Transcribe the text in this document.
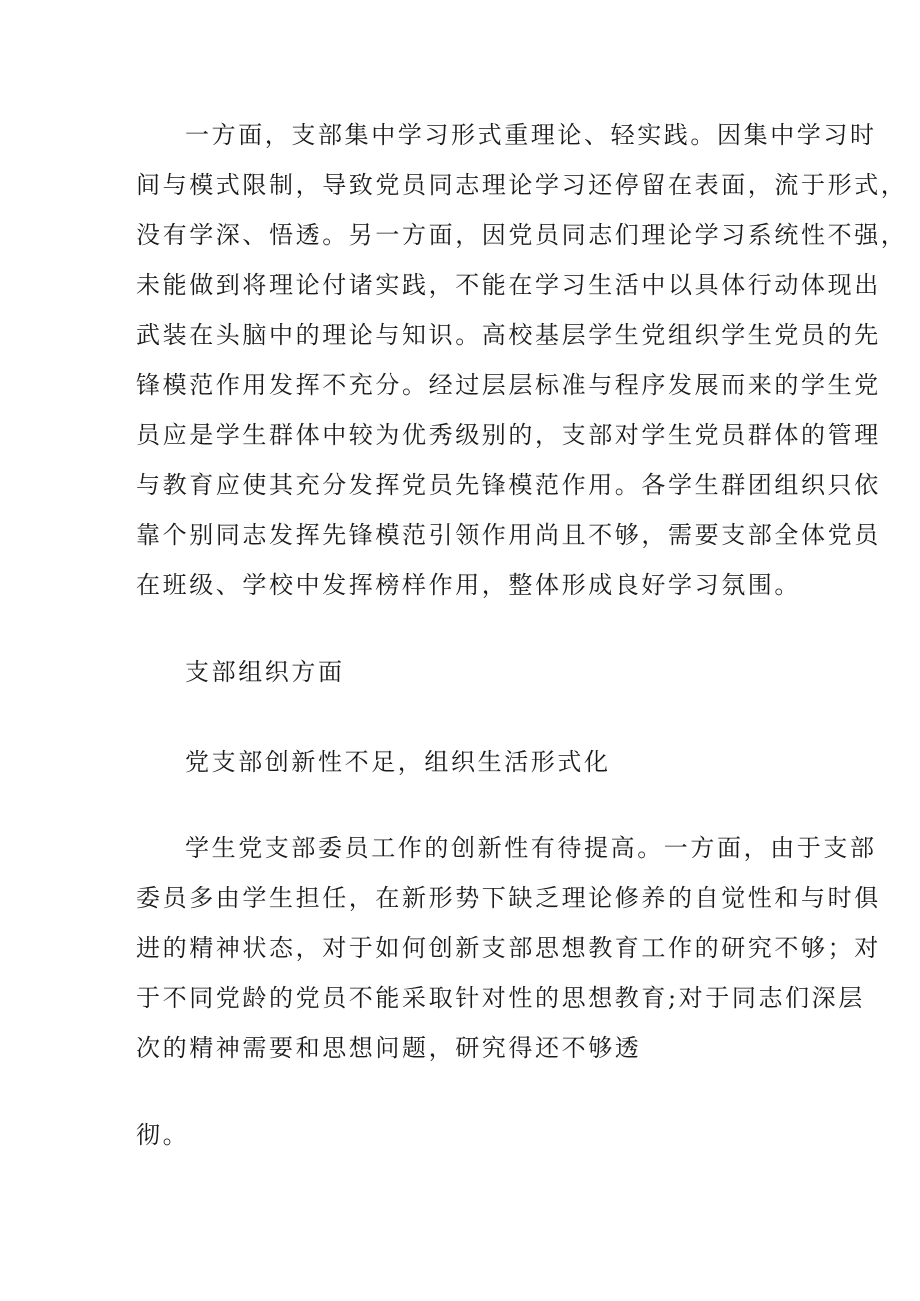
一方面，支部集中学习形式重理论、轻实践。因集中学习时

间与模式限制，导致党员同志理论学习还停留在表面，流于形式，

没有学深、悟透。另一方面，因党员同志们理论学习系统性不强，

未能做到将理论付诸实践，不能在学习生活中以具体行动体现出

武装在头脑中的理论与知识。高校基层学生党组织学生党员的先

锋模范作用发挥不充分。经过层层标准与程序发展而来的学生党

员应是学生群体中较为优秀级别的，支部对学生党员群体的管理

与教育应使其充分发挥党员先锋模范作用。各学生群团组织只依

靠个别同志发挥先锋模范引领作用尚且不够，需要支部全体党员

在班级、学校中发挥榜样作用，整体形成良好学习氛围。

支部组织方面

党支部创新性不足，组织生活形式化

学生党支部委员工作的创新性有待提高。一方面，由于支部

委员多由学生担任，在新形势下缺乏理论修养的自觉性和与时俱

进的精神状态，对于如何创新支部思想教育工作的研究不够；对

于不同党龄的党员不能采取针对性的思想教育;对于同志们深层

次的精神需要和思想问题，研究得还不够透

彻。
